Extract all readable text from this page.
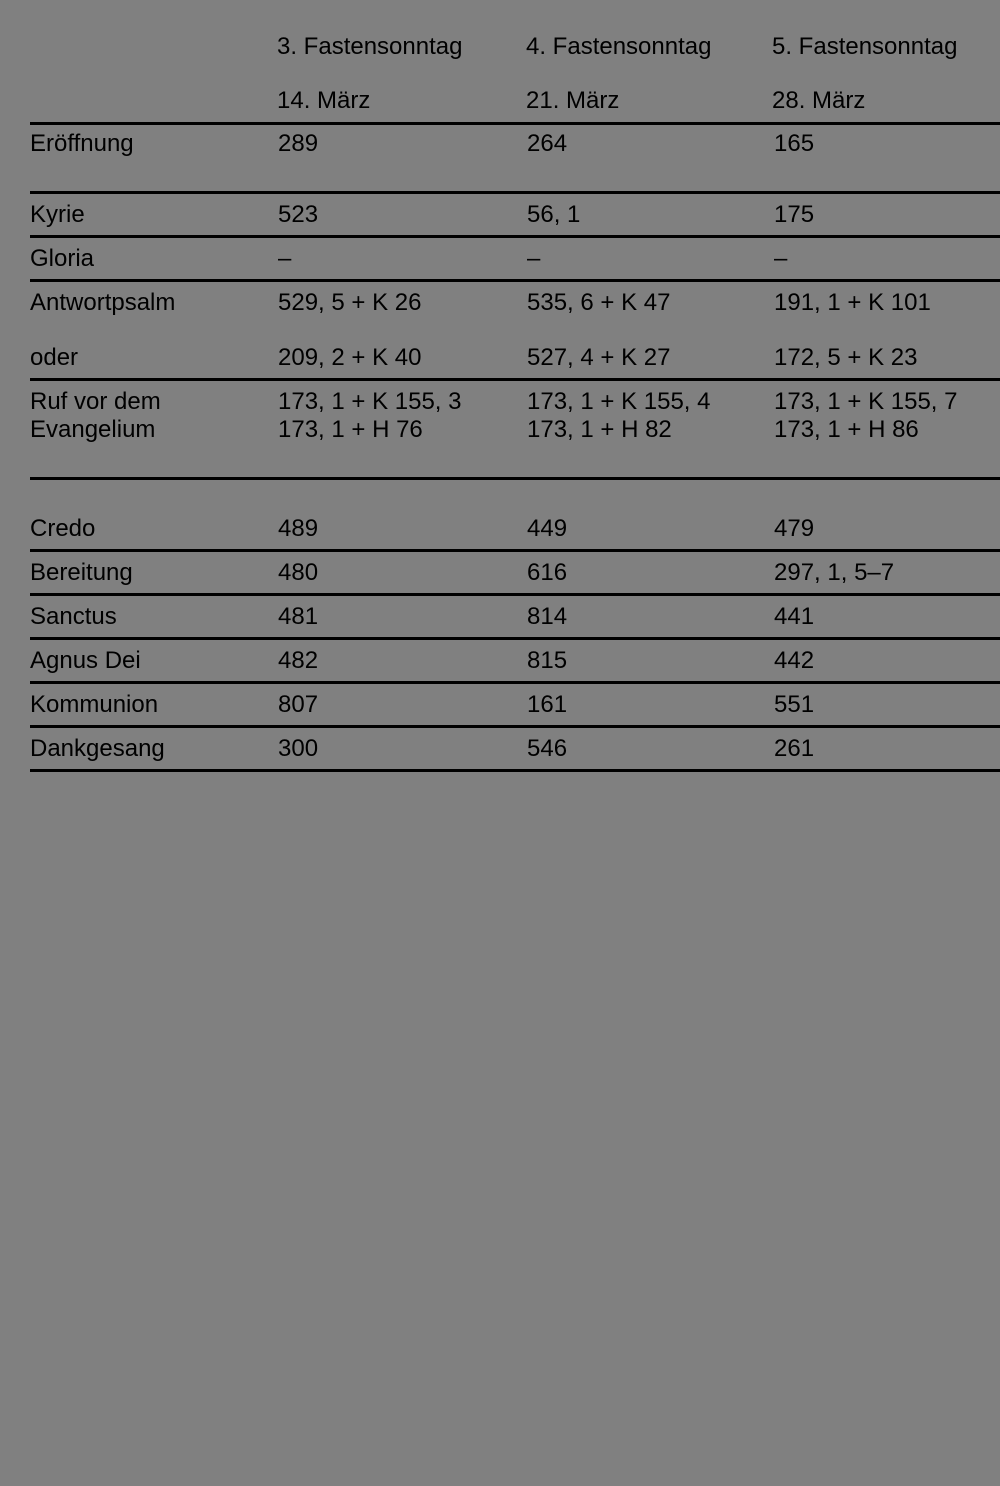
3. Fastensonntag	4. Fastensonntag	5. Fastensonntag
14. März	21. März	28. März
Eröffnung	289	264	165
Kyrie	523	56, 1	175
Gloria	–	–	–
Antwortpsalm	529, 5 + K 26	535, 6 + K 47	191, 1 + K 101
oder	209, 2 + K 40	527, 4 + K 27	172, 5 + K 23
Ruf vor dem	173, 1 + K 155, 3	173, 1 + K 155, 4	173, 1 + K 155, 7
Evangelium	173, 1 + H 76	173, 1 + H 82	173, 1 + H 86
Credo	489	449	479
Bereitung	480	616	297, 1, 5–7
Sanctus	481	814	441
Agnus Dei	482	815	442
Kommunion	807	161	551
Dankgesang	300	546	261
